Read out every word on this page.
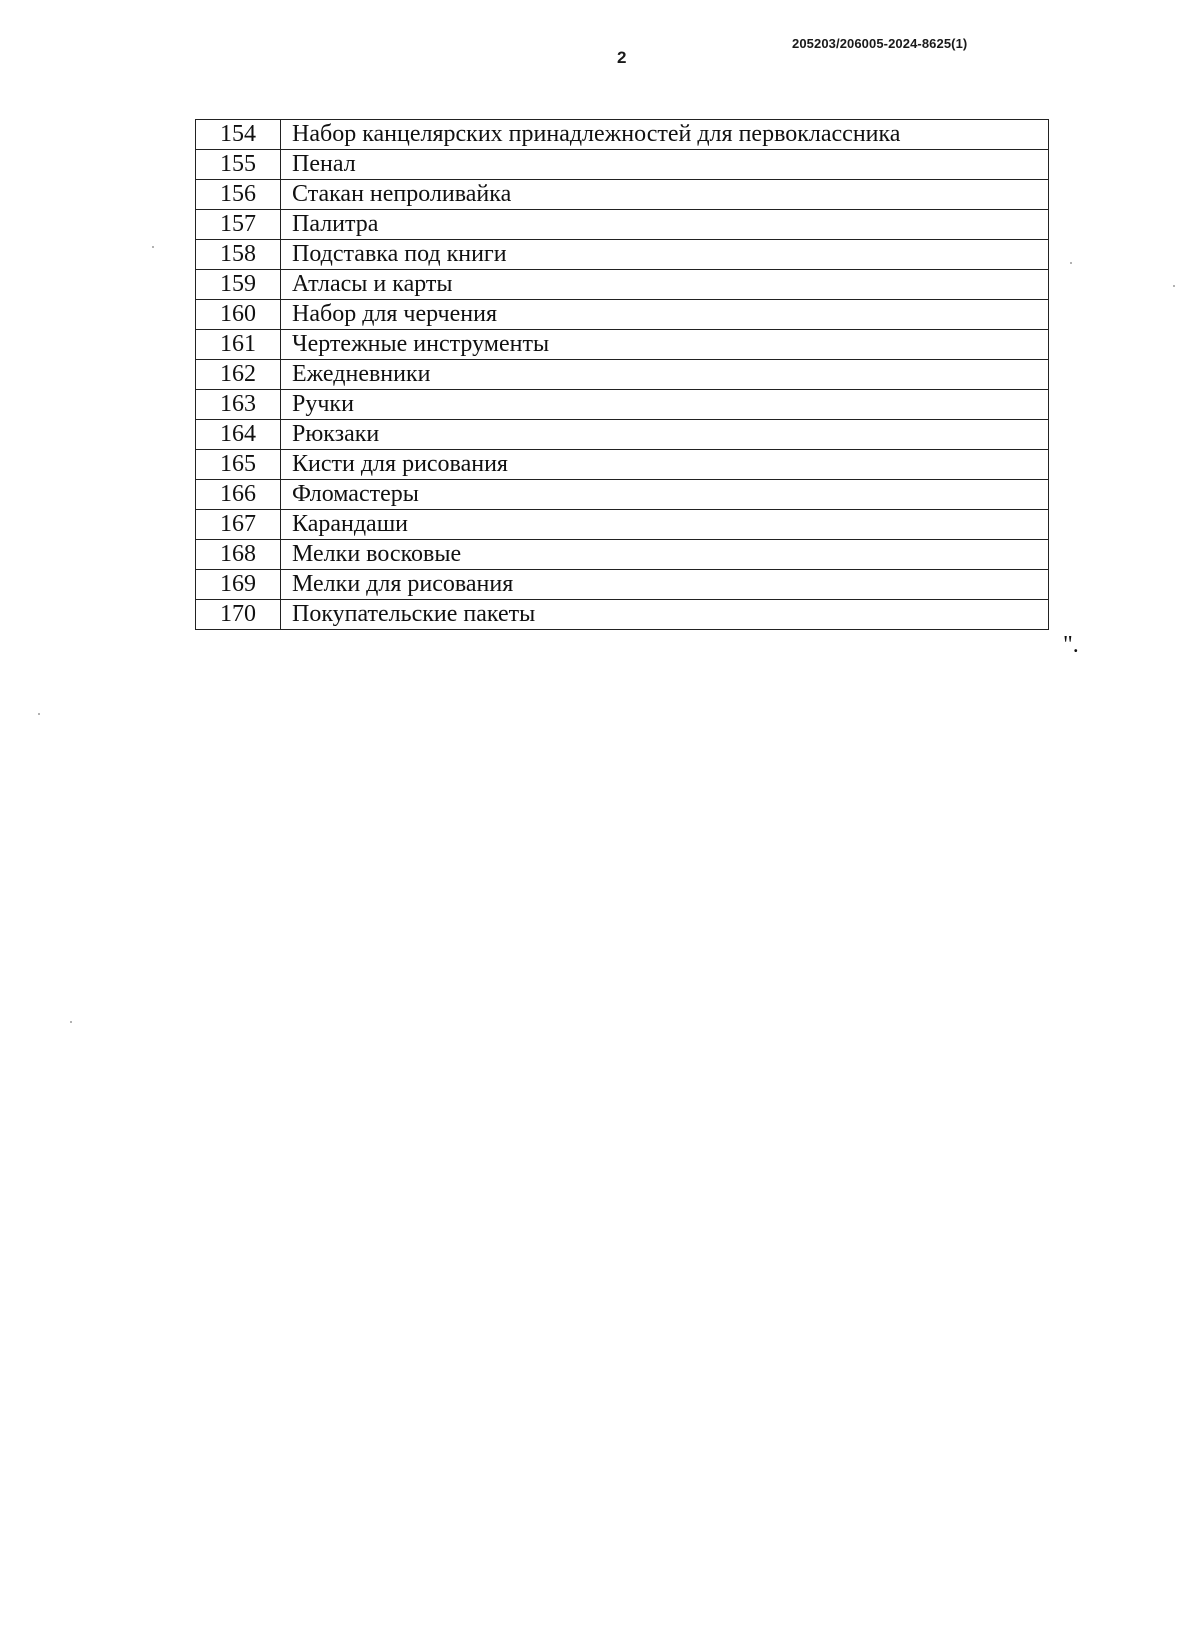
205203/206005-2024-8625(1)
2
154	Набор канцелярских принадлежностей для первоклассника
155	Пенал
156	Стакан непроливайка
157	Палитра
158	Подставка под книги
159	Атласы и карты
160	Набор для черчения
161	Чертежные инструменты
162	Ежедневники
163	Ручки
164	Рюкзаки
165	Кисти для рисования
166	Фломастеры
167	Карандаши
168	Мелки восковые
169	Мелки для рисования
170	Покупательские пакеты
".
